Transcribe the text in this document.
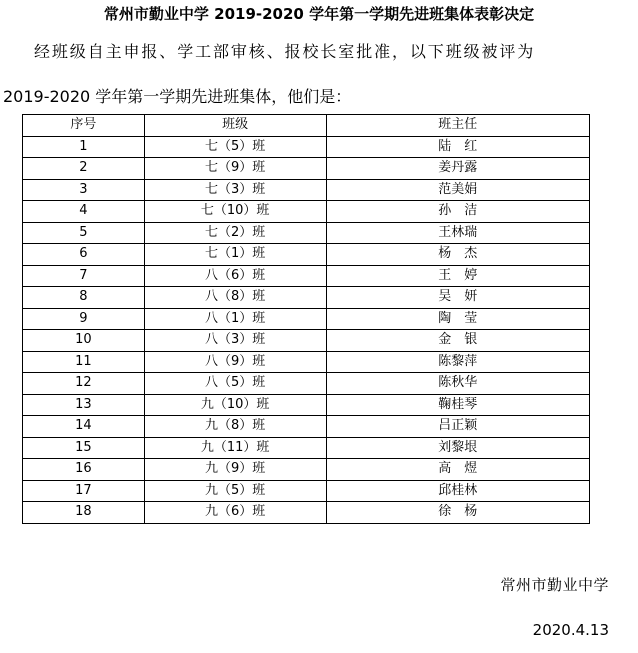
常州市勤业中学 2019-2020 学年第一学期先进班集体表彰决定
经班级自主申报、学工部审核、报校长室批准，以下班级被评为
2019-2020 学年第一学期先进班集体，他们是：
序号	班级	班主任
1	七（5）班	陆　红
2	七（9）班	姜丹露
3	七（3）班	范美娟
4	七（10）班	孙　洁
5	七（2）班	王林瑞
6	七（1）班	杨　杰
7	八（6）班	王　婷
8	八（8）班	吴　妍
9	八（1）班	陶　莹
10	八（3）班	金　银
11	八（9）班	陈黎萍
12	八（5）班	陈秋华
13	九（10）班	鞠桂琴
14	九（8）班	吕正颖
15	九（11）班	刘黎垠
16	九（9）班	高　煜
17	九（5）班	邱桂林
18	九（6）班	徐　杨
常州市勤业中学
2020.4.13
